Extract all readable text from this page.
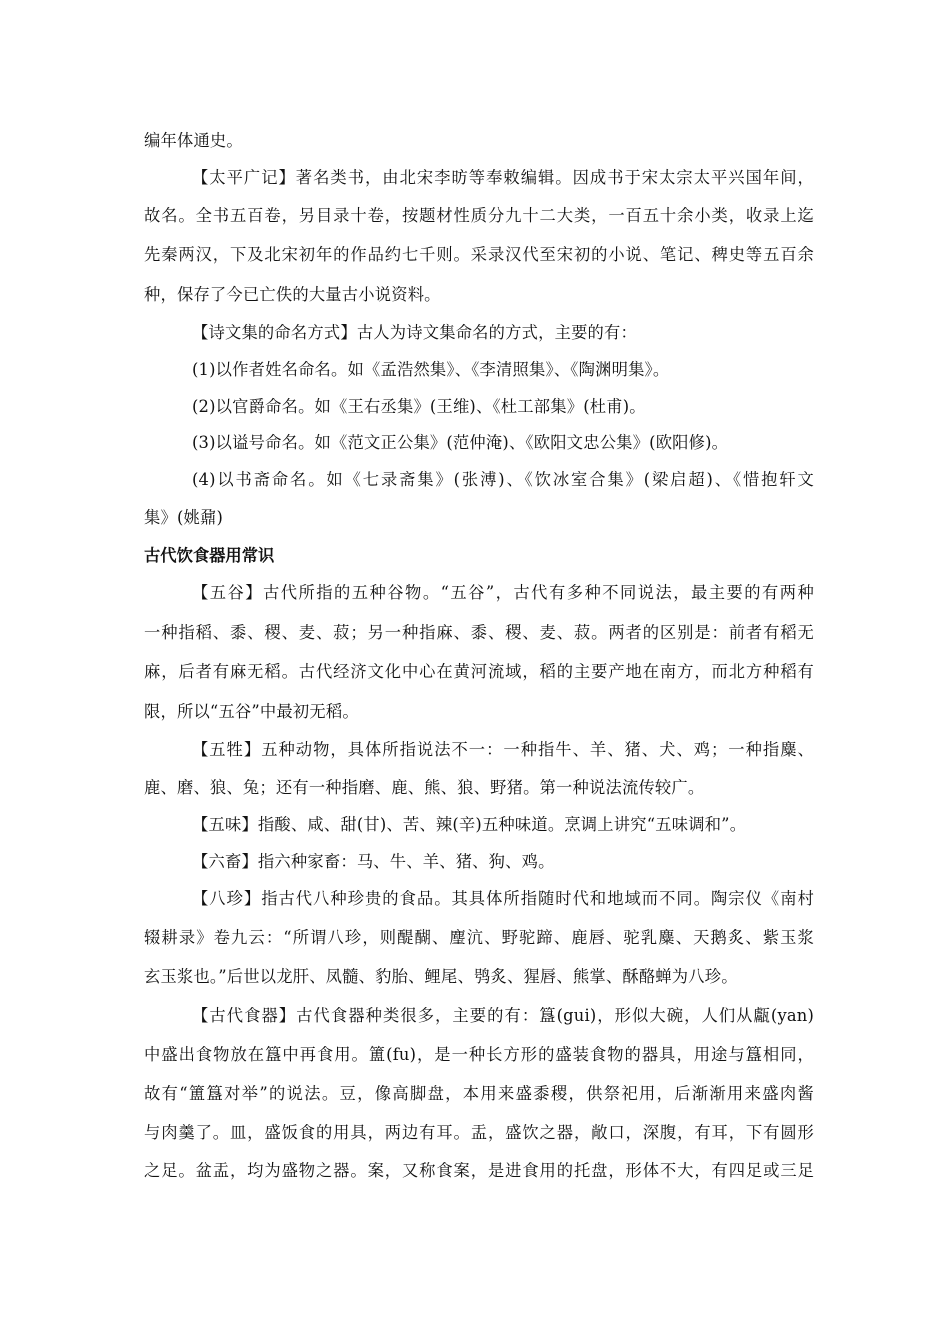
编年体通史。
【太平广记】著名类书，由北宋李昉等奉敕编辑。因成书于宋太宗太平兴国年间，
故名。全书五百卷，另目录十卷，按题材性质分九十二大类，一百五十余小类，收录上迄
先秦两汉，下及北宋初年的作品约七千则。采录汉代至宋初的小说、笔记、稗史等五百余
种，保存了今已亡佚的大量古小说资料。
【诗文集的命名方式】古人为诗文集命名的方式，主要的有：
(1)以作者姓名命名。如《孟浩然集》、《李清照集》、《陶渊明集》。
(2)以官爵命名。如《王右丞集》(王维)、《杜工部集》(杜甫)。
(3)以谥号命名。如《范文正公集》(范仲淹)、《欧阳文忠公集》(欧阳修)。
(4)以书斋命名。如《七录斋集》(张溥)、《饮冰室合集》(梁启超)、《惜抱轩文
集》(姚鼐)
古代饮食器用常识
【五谷】古代所指的五种谷物。“五谷”，古代有多种不同说法，最主要的有两种
一种指稻、黍、稷、麦、菽；另一种指麻、黍、稷、麦、菽。两者的区别是：前者有稻无
麻，后者有麻无稻。古代经济文化中心在黄河流域，稻的主要产地在南方，而北方种稻有
限，所以“五谷”中最初无稻。
【五牲】五种动物，具体所指说法不一：一种指牛、羊、猪、犬、鸡；一种指麋、
鹿、磨、狼、兔；还有一种指磨、鹿、熊、狼、野猪。第一种说法流传较广。
【五味】指酸、咸、甜(甘)、苦、辣(辛)五种味道。烹调上讲究“五味调和”。
【六畜】指六种家畜：马、牛、羊、猪、狗、鸡。
【八珍】指古代八种珍贵的食品。其具体所指随时代和地域而不同。陶宗仪《南村
辍耕录》卷九云：“所谓八珍，则醍醐、麈沆、野驼蹄、鹿唇、驼乳麋、天鹅炙、紫玉浆
玄玉浆也。”后世以龙肝、凤髓、豹胎、鲤尾、鸮炙、猩唇、熊掌、酥酪蝉为八珍。
【古代食器】古代食器种类很多，主要的有：簋(gui)，形似大碗，人们从甗(yan)
中盛出食物放在簋中再食用。簠(fu)，是一种长方形的盛装食物的器具，用途与簋相同，
故有“簠簋对举”的说法。豆，像高脚盘，本用来盛黍稷，供祭祀用，后渐渐用来盛肉酱
与肉羹了。皿，盛饭食的用具，两边有耳。盂，盛饮之器，敞口，深腹，有耳，下有圆形
之足。盆盂，均为盛物之器。案，又称食案，是进食用的托盘，形体不大，有四足或三足
